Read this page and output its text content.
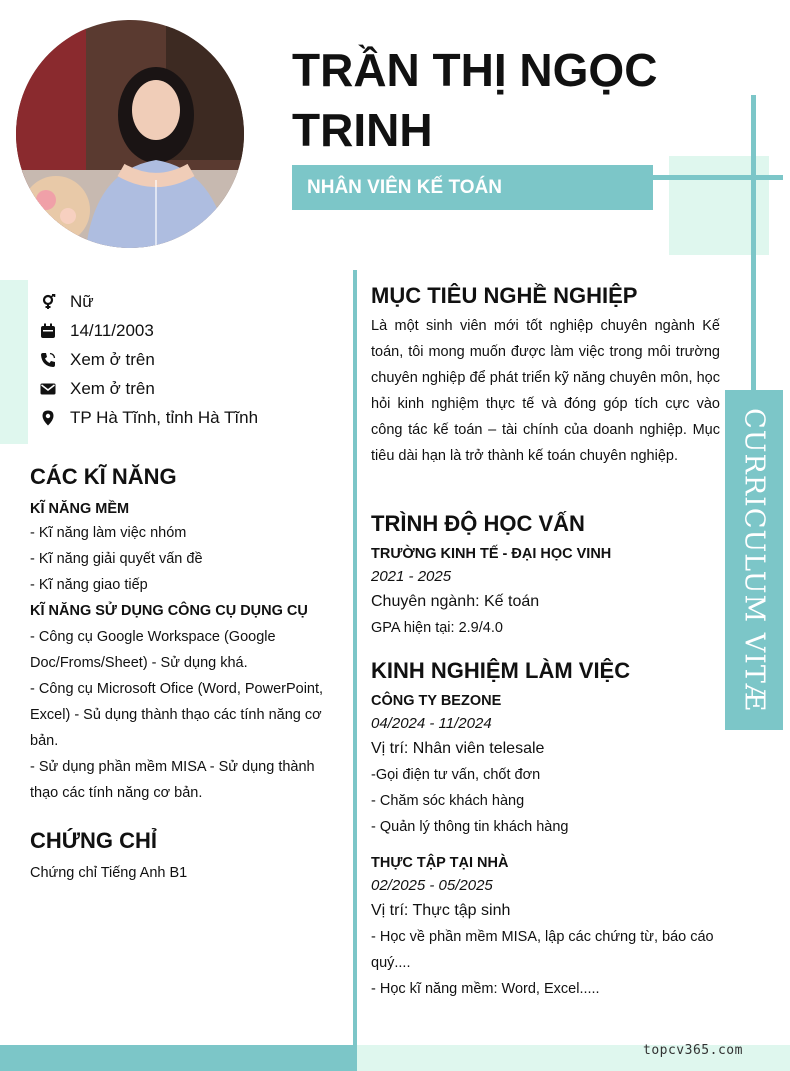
CURRICULUM VITÆ
TRẦN THỊ NGỌC TRINH
NHÂN VIÊN KẾ TOÁN
Nữ
14/11/2003
Xem ở trên
Xem ở trên
TP Hà Tĩnh, tỉnh Hà Tĩnh
CÁC KĨ NĂNG
KĨ NĂNG MỀM
- Kĩ năng làm việc nhóm
- Kĩ năng giải quyết vấn đề
- Kĩ năng giao tiếp
KĨ NĂNG SỬ DỤNG CÔNG CỤ DỤNG CỤ
- Công cụ Google Workspace (Google Doc/Froms/Sheet) - Sử dụng khá.
- Công cụ Microsoft Ofice (Word, PowerPoint, Excel) - Sủ dụng thành thạo các tính năng cơ bản.
- Sử dụng phần mềm MISA - Sử dụng thành thạo các tính năng cơ bản.
CHỨNG CHỈ
Chứng chỉ Tiếng Anh B1
MỤC TIÊU NGHỀ NGHIỆP
Là một sinh viên mới tốt nghiệp chuyên ngành Kế toán, tôi mong muốn được làm việc trong môi trường chuyên nghiệp để phát triển kỹ năng chuyên môn, học hỏi kinh nghiệm thực tế và đóng góp tích cực vào công tác kế toán – tài chính của doanh nghiệp. Mục tiêu dài hạn là trở thành kế toán chuyên nghiệp.
TRÌNH ĐỘ HỌC VẤN
TRƯỜNG KINH TẾ - ĐẠI HỌC VINH
2021 - 2025
Chuyên ngành: Kế toán
GPA hiện tại: 2.9/4.0
KINH NGHIỆM LÀM VIỆC
CÔNG TY BEZONE
04/2024 - 11/2024
Vị trí: Nhân viên telesale
-Gọi điện tư vấn, chốt đơn
- Chăm sóc khách hàng
- Quản lý thông tin khách hàng
THỰC TẬP TẠI NHÀ
02/2025 - 05/2025
Vị trí: Thực tập sinh
- Học về phần mềm MISA, lập các chứng từ, báo cáo quý....
- Học kĩ năng mềm: Word, Excel.....
topcv365.com
